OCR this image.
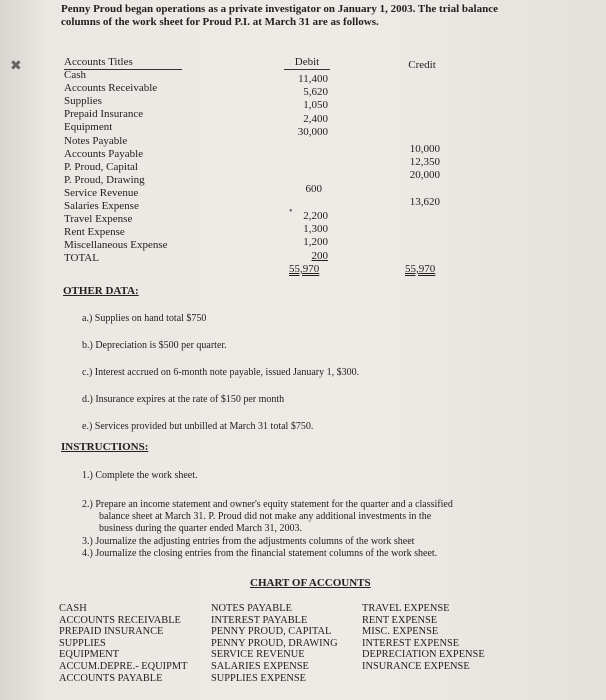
Penny Proud began operations as a private investigator on January 1, 2003. The trial balance
columns of the work sheet for Proud P.I. at March 31 are as follows.
Accounts Titles
Cash
Accounts Receivable
Supplies
Prepaid Insurance
Equipment
Notes Payable
Accounts Payable
P. Proud, Capital
P. Proud, Drawing
Service Revenue
Salaries Expense
Travel Expense
Rent Expense
Miscellaneous Expense
TOTAL
Debit	Credit
11,400
5,620
1,050
2,400
30,000
600
2,200
1,300
1,200
200
55,970
10,000
12,350
20,000
13,620
55,970
OTHER DATA:
a.) Supplies on hand total $750
b.) Depreciation is $500 per quarter.
c.) Interest accrued on 6-month note payable, issued January 1, $300.
d.) Insurance expires at the rate of $150 per month
e.) Services provided but unbilled at March 31 total $750.
INSTRUCTIONS:
1.) Complete the work sheet.
2.) Prepare an income statement and owner's equity statement for the quarter and a classified
balance sheet at March 31. P. Proud did not make any additional investments in the
business during the quarter ended March 31, 2003.
3.) Journalize the adjusting entries from the adjustments columns of the work sheet
4.) Journalize the closing entries from the financial statement columns of the work sheet.
CHART OF ACCOUNTS
CASH
ACCOUNTS RECEIVABLE
PREPAID INSURANCE
SUPPLIES
EQUIPMENT
ACCUM.DEPRE.- EQUIPMT
ACCOUNTS PAYABLE
NOTES PAYABLE
INTEREST PAYABLE
PENNY PROUD, CAPITAL
PENNY PROUD, DRAWING
SERVICE REVENUE
SALARIES EXPENSE
SUPPLIES EXPENSE
TRAVEL EXPENSE
RENT EXPENSE
MISC. EXPENSE
INTEREST EXPENSE
DEPRECIATION EXPENSE
INSURANCE EXPENSE
✖
•
